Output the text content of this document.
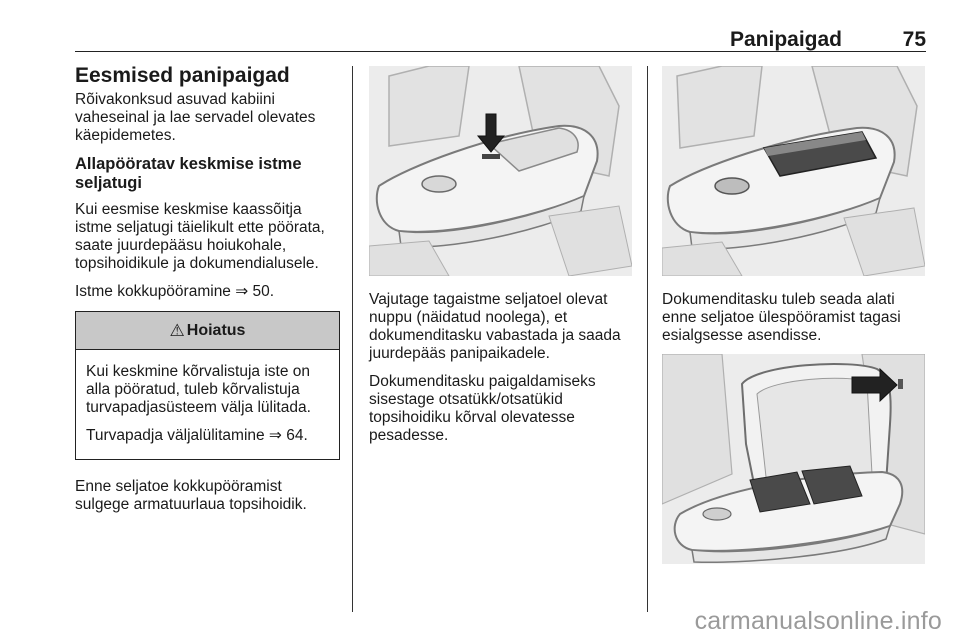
Panipaigad	75
Eesmised panipaigad
Rõivakonksud asuvad kabiini vaheseinal ja lae servadel olevates käepidemetes.
Allapööratav keskmise istme seljatugi
Kui eesmise keskmise kaassõitja istme seljatugi täielikult ette pöörata, saate juurdepääsu hoiukohale, topsihoidikule ja dokumendialusele.
Istme kokkupööramine ⇒ 50.
⚠ Hoiatus
Kui keskmine kõrvalistuja iste on alla pööratud, tuleb kõrvalistuja turvapadjasüsteem välja lülitada.
Turvapadja väljalülitamine ⇒ 64.
Enne seljatoe kokkupööramist sulgege armatuurlaua topsihoidik.
Vajutage tagaistme seljatoel olevat nuppu (näidatud noolega), et dokumenditasku vabastada ja saada juurdepääs panipaikadele.
Dokumenditasku paigaldamiseks sisestage otsatükk/otsatükid topsihoidiku kõrval olevatesse pesadesse.
Dokumenditasku tuleb seada alati enne seljatoe ülespööramist tagasi esialgsesse asendisse.
carmanualsonline.info
